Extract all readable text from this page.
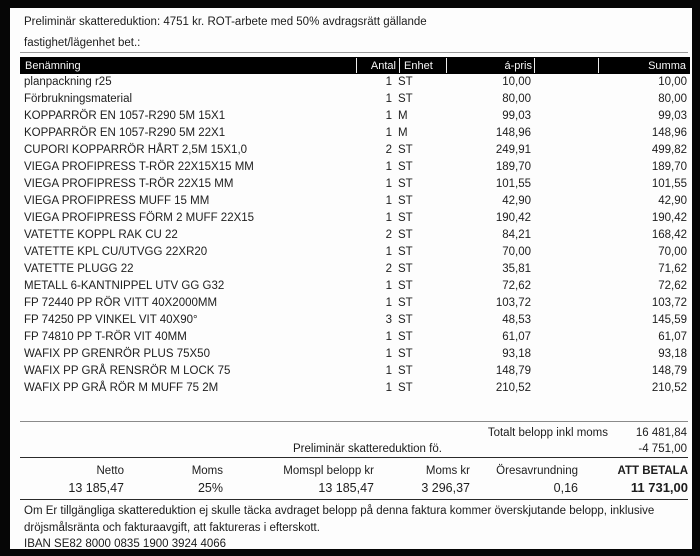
Preliminär skattereduktion: 4751 kr. ROT-arbete med 50% avdragsrätt gällande
fastighet/lägenhet bet.:
Benämning	Antal Enhet	á-pris	Summa
planpackning r25	1 ST	10,00	10,00
Förbrukningsmaterial	1 ST	80,00	80,00
KOPPARRÖR EN 1057-R290 5M 15X1	1 M	99,03	99,03
KOPPARRÖR EN 1057-R290 5M 22X1	1 M	148,96	148,96
CUPORI KOPPARRÖR HÅRT 2,5M 15X1,0	2 ST	249,91	499,82
VIEGA PROFIPRESS T-RÖR 22X15X15 MM	1 ST	189,70	189,70
VIEGA PROFIPRESS T-RÖR 22X15 MM	1 ST	101,55	101,55
VIEGA PROFIPRESS MUFF 15 MM	1 ST	42,90	42,90
VIEGA PROFIPRESS FÖRM 2 MUFF 22X15	1 ST	190,42	190,42
VATETTE KOPPL RAK CU 22	2 ST	84,21	168,42
VATETTE KPL CU/UTVGG 22XR20	1 ST	70,00	70,00
VATETTE PLUGG 22	2 ST	35,81	71,62
METALL 6-KANTNIPPEL UTV GG G32	1 ST	72,62	72,62
FP 72440 PP RÖR VITT 40X2000MM	1 ST	103,72	103,72
FP 74250 PP VINKEL VIT 40X90°	3 ST	48,53	145,59
FP 74810 PP T-RÖR VIT 40MM	1 ST	61,07	61,07
WAFIX PP GRENRÖR PLUS 75X50	1 ST	93,18	93,18
WAFIX PP GRÅ RENSRÖR M LOCK 75	1 ST	148,79	148,79
WAFIX PP GRÅ RÖR M MUFF 75 2M	1 ST	210,52	210,52
Totalt belopp inkl moms 16 481,84
Preliminär skattereduktion fö.	-4 751,00
Netto	Moms	Momspl belopp kr	Moms kr	Öresavrundning	ATT BETALA
13 185,47	25%	13 185,47	3 296,37	0,16	11 731,00
Om Er tillgängliga skattereduktion ej skulle täcka avdraget belopp på denna faktura kommer överskjutande belopp, inklusive dröjsmålsränta och fakturaavgift, att faktureras i efterskott.
IBAN SE82 8000 0835 1900 3924 4066
